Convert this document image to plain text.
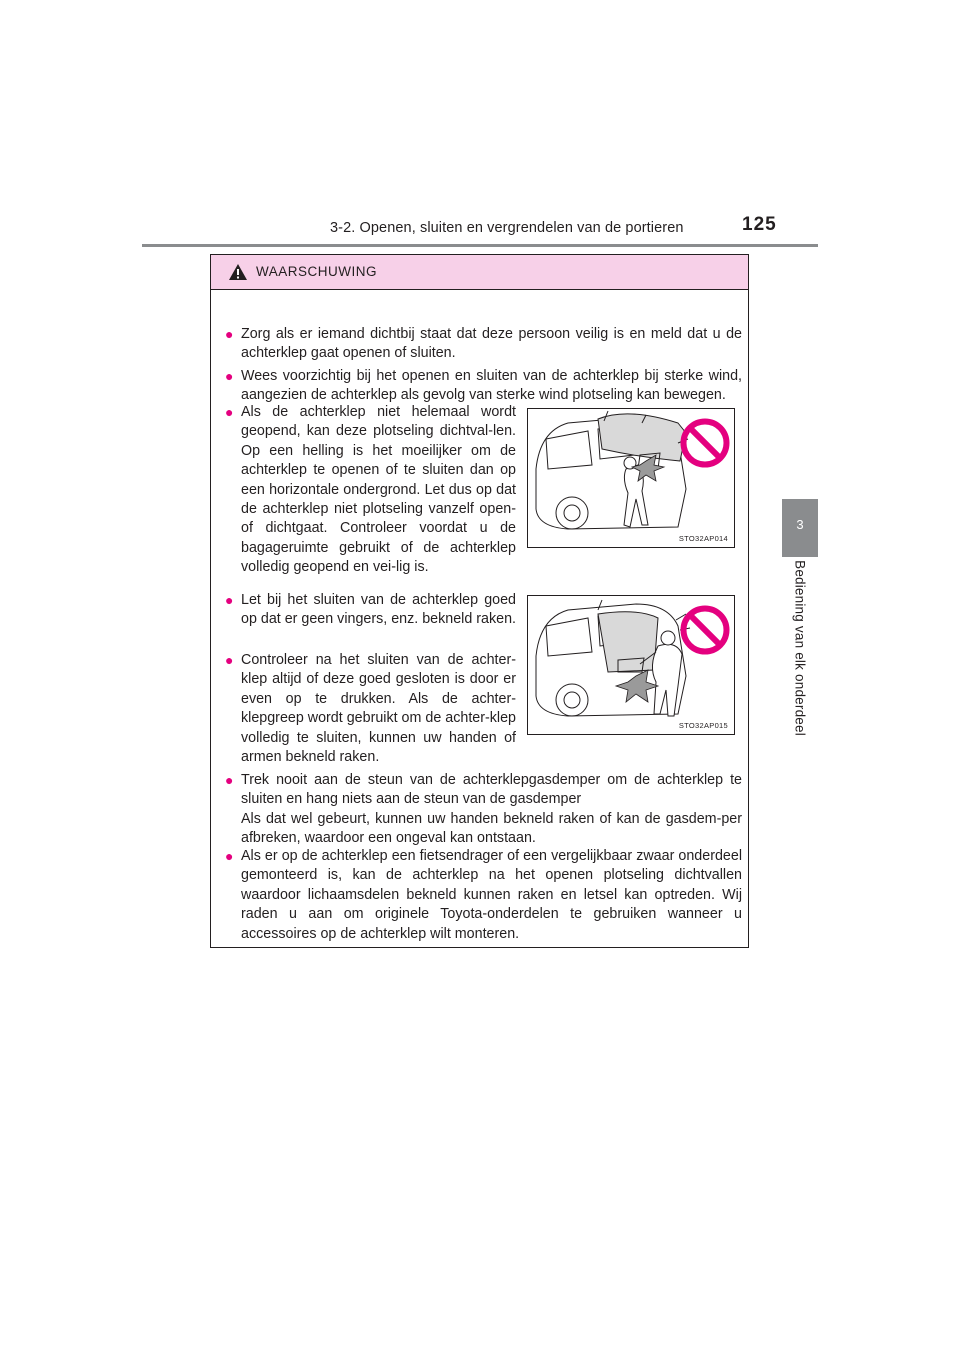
3-2. Openen, sluiten en vergrendelen van de portieren	125
3
Bediening van elk onderdeel
WAARSCHUWING
● Zorg als er iemand dichtbij staat dat deze persoon veilig is en meld dat u de achterklep gaat openen of sluiten.

● Wees voorzichtig bij het openen en sluiten van de achterklep bij sterke wind, aangezien de achterklep als gevolg van sterke wind plotseling kan bewegen.

● Als de achterklep niet helemaal wordt geopend, kan deze plotseling dichtval-len. Op een helling is het moeilijker om de achterklep te openen of te sluiten dan op een horizontale ondergrond. Let dus op dat de achterklep niet plotseling vanzelf open- of dichtgaat. Controleer voordat u de bagageruimte gebruikt of de achterklep volledig geopend en vei-lig is.

STO32AP014
● Let bij het sluiten van de achterklep goed op dat er geen vingers, enz. bekneld raken.

● Controleer na het sluiten van de achter-klep altijd of deze goed gesloten is door er even op te drukken. Als de achter-klepgreep wordt gebruikt om de achter-klep volledig te sluiten, kunnen uw handen of armen bekneld raken.

STO32AP015
● Trek nooit aan de steun van de achterklepgasdemper om de achterklep te sluiten en hang niets aan de steun van de gasdemper

Als dat wel gebeurt, kunnen uw handen bekneld raken of kan de gasdem-per afbreken, waardoor een ongeval kan ontstaan.

● Als er op de achterklep een fietsendrager of een vergelijkbaar zwaar onderdeel gemonteerd is, kan de achterklep na het openen plotseling dichtvallen waardoor lichaamsdelen bekneld kunnen raken en letsel kan optreden. Wij raden u aan om originele Toyota-onderdelen te gebruiken wanneer u accessoires op de achterklep wilt monteren.
